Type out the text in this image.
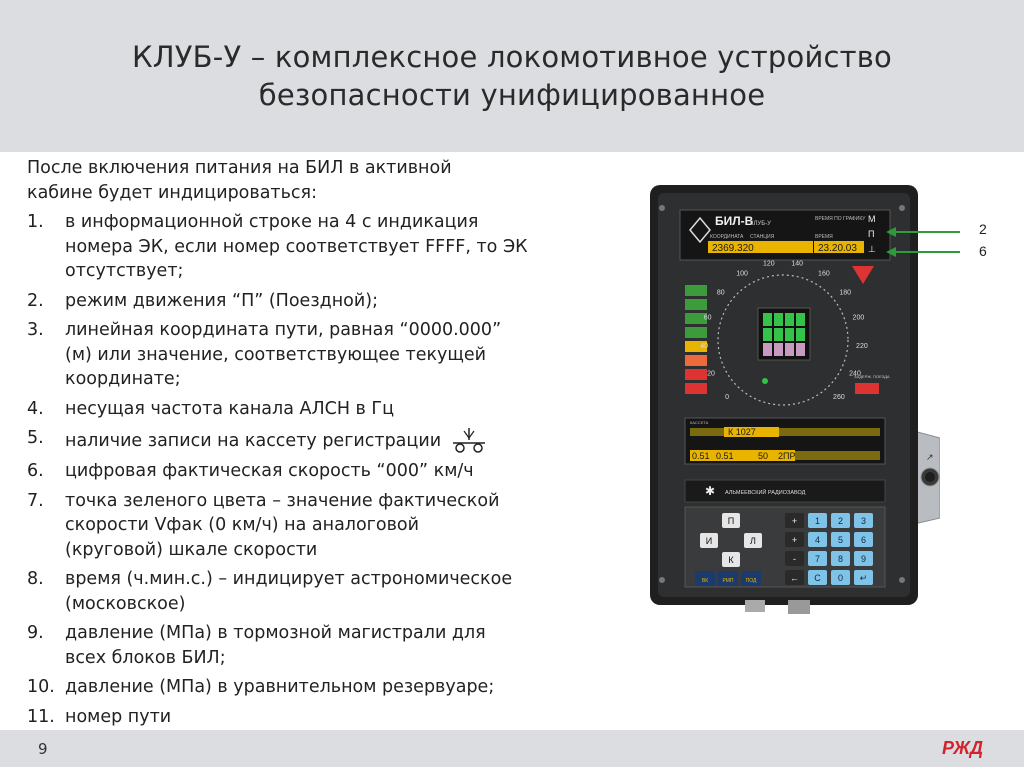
КЛУБ-У – комплексное локомотивное устройство
безопасности унифицированное
После включения питания на БИЛ в активной
кабине будет индицироваться:
1.	в информационной строке на 4 с индикация
номера ЭК, если номер соответствует FFFF, то ЭК
отсутствует;
2.	режим движения “П” (Поездной);
3.	линейная координата пути, равная “0000.000”
(м) или значение, соответствующее текущей
координате;
4.	несущая частота канала АЛСН в Гц
5.	наличие записи на кассету регистрации
6.	цифровая фактическая скорость “000” км/ч
7.	точка зеленого цвета – значение фактической
скорости Vфак (0 км/ч) на аналоговой
(круговой) шкале скорости
8.	время (ч.мин.с.) – индицирует астрономическое
(московское)
9.	давление (МПа) в тормозной магистрали для
всех блоков БИЛ;
10. давление (МПа) в уравнительном резервуаре;
11. номер пути
↗
БИЛ-В
КЛУБ-У
КООРДИНАТА СТАНЦИЯ
ВРЕМЯ ПО ГРАФИКУ
ВРЕМЯ
2369.320	23.20.03
М
П
⊥
ЗАДЕРЖ. ПОЕЗДА
0
20
40
60
80
100
120 140
160
180
200
220
240
260
КАССЕТА
К 1027
0.51 0.51	50 2ПР
✱ АЛЬМЕЕВСКИЙ РАДИОЗАВОД
П
И	Л
К
ВК	РМП ПОД
+ 1 2 3
+ 4 5 6
- 7 8 9
← С 0 ↵
2
6
9	РЖД
